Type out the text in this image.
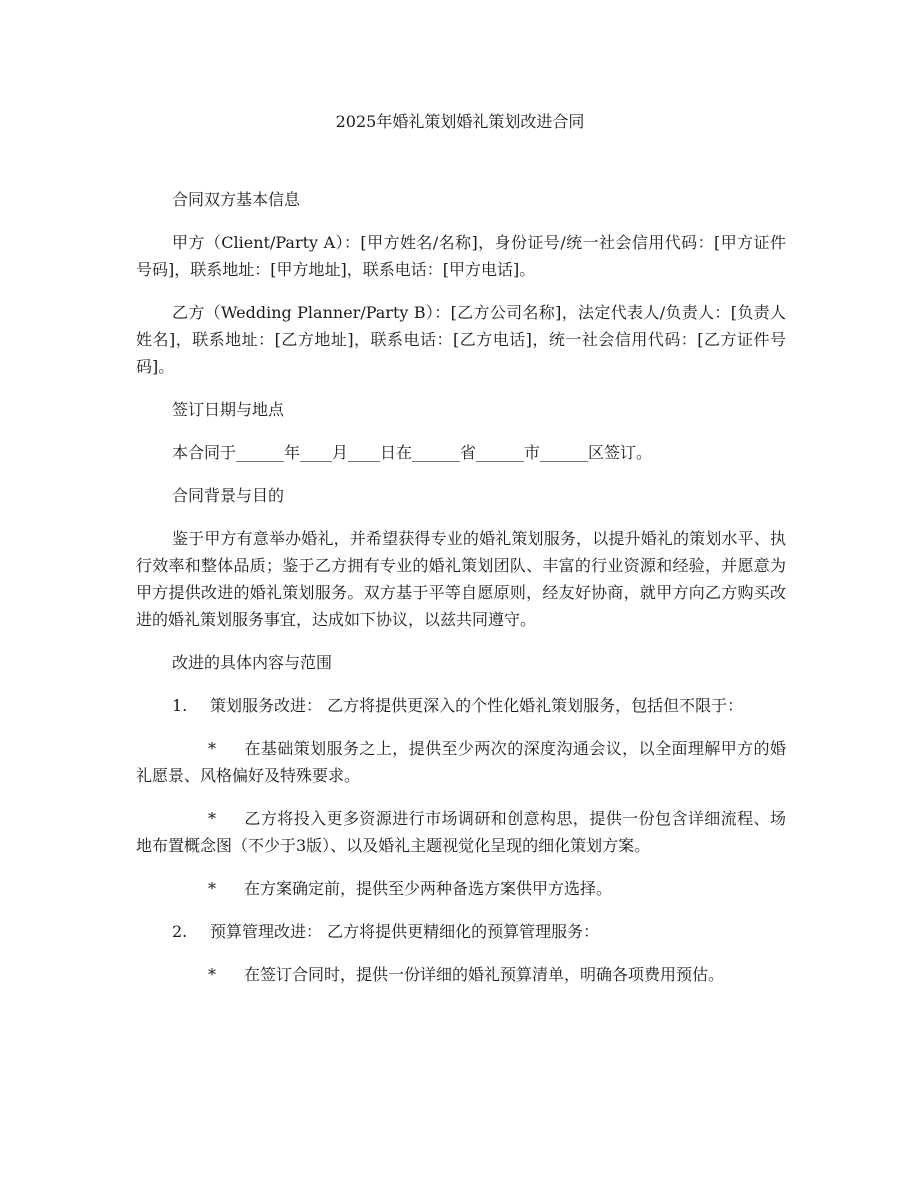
2025年婚礼策划婚礼策划改进合同
合同双方基本信息
甲方（Client/Party A）：[甲方姓名/名称]，身份证号/统一社会信用代码：[甲方证件号码]，联系地址：[甲方地址]，联系电话：[甲方电话]。
乙方（Wedding Planner/Party B）：[乙方公司名称]，法定代表人/负责人：[负责人姓名]，联系地址：[乙方地址]，联系电话：[乙方电话]，统一社会信用代码：[乙方证件号码]。
签订日期与地点
本合同于______年____月____日在______省______市______区签订。
合同背景与目的
鉴于甲方有意举办婚礼，并希望获得专业的婚礼策划服务，以提升婚礼的策划水平、执行效率和整体品质；鉴于乙方拥有专业的婚礼策划团队、丰富的行业资源和经验，并愿意为甲方提供改进的婚礼策划服务。双方基于平等自愿原则，经友好协商，就甲方向乙方购买改进的婚礼策划服务事宜，达成如下协议，以兹共同遵守。
改进的具体内容与范围
1. 策划服务改进： 乙方将提供更深入的个性化婚礼策划服务，包括但不限于：
* 在基础策划服务之上，提供至少两次的深度沟通会议，以全面理解甲方的婚礼愿景、风格偏好及特殊要求。
* 乙方将投入更多资源进行市场调研和创意构思，提供一份包含详细流程、场地布置概念图（不少于3版）、以及婚礼主题视觉化呈现的细化策划方案。
* 在方案确定前，提供至少两种备选方案供甲方选择。
2. 预算管理改进： 乙方将提供更精细化的预算管理服务：
* 在签订合同时，提供一份详细的婚礼预算清单，明确各项费用预估。
